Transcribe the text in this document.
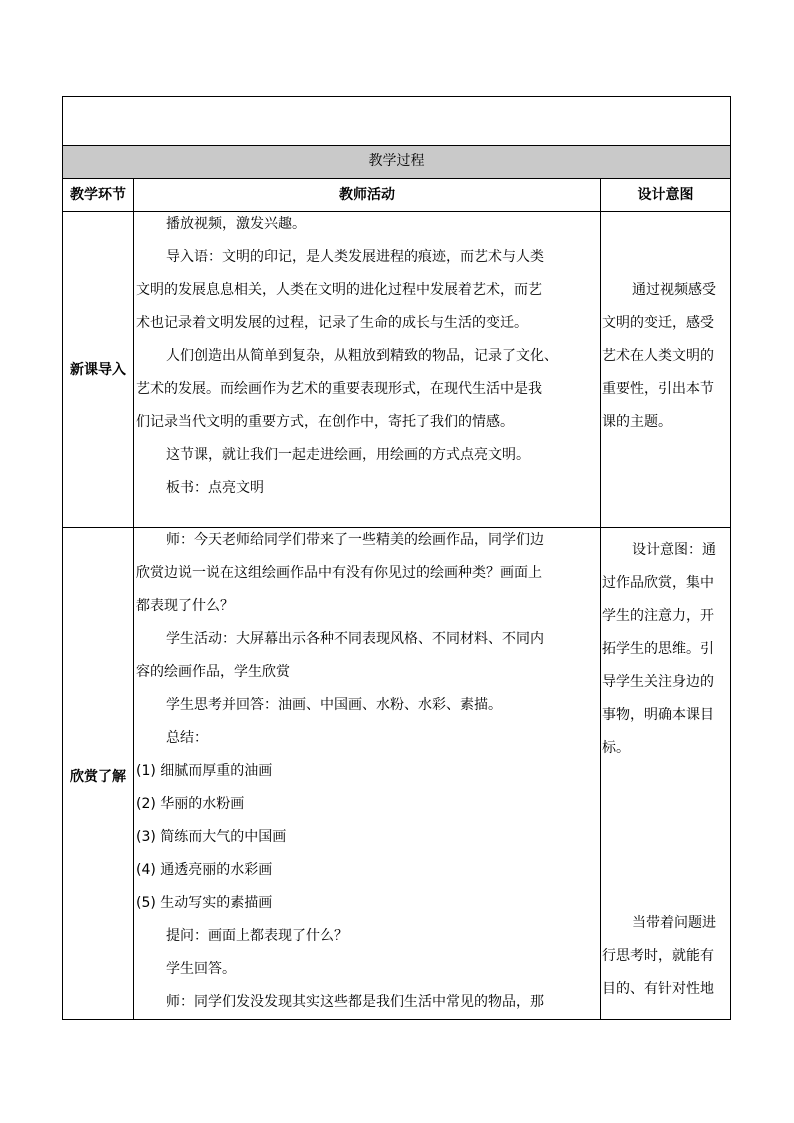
教学过程
教学环节	教师活动	设计意图
新课导入
播放视频，激发兴趣。
导入语：文明的印记，是人类发展进程的痕迹，而艺术与人类
文明的发展息息相关，人类在文明的进化过程中发展着艺术，而艺
术也记录着文明发展的过程，记录了生命的成长与生活的变迁。
人们创造出从简单到复杂，从粗放到精致的物品，记录了文化、
艺术的发展。而绘画作为艺术的重要表现形式，在现代生活中是我
们记录当代文明的重要方式，在创作中，寄托了我们的情感。
这节课，就让我们一起走进绘画，用绘画的方式点亮文明。
板书：点亮文明
通过视频感受
文明的变迁，感受
艺术在人类文明的
重要性，引出本节
课的主题。
欣赏了解
师：今天老师给同学们带来了一些精美的绘画作品，同学们边
欣赏边说一说在这组绘画作品中有没有你见过的绘画种类？画面上
都表现了什么？
学生活动：大屏幕出示各种不同表现风格、不同材料、不同内
容的绘画作品，学生欣赏
学生思考并回答：油画、中国画、水粉、水彩、素描。
总结：
(1) 细腻而厚重的油画
(2) 华丽的水粉画
(3) 简练而大气的中国画
(4) 通透亮丽的水彩画
(5) 生动写实的素描画
提问：画面上都表现了什么？
学生回答。
师：同学们发没发现其实这些都是我们生活中常见的物品，那
设计意图：通
过作品欣赏，集中
学生的注意力，开
拓学生的思维。引
导学生关注身边的
事物，明确本课目
标。
当带着问题进
行思考时，就能有
目的、有针对性地
